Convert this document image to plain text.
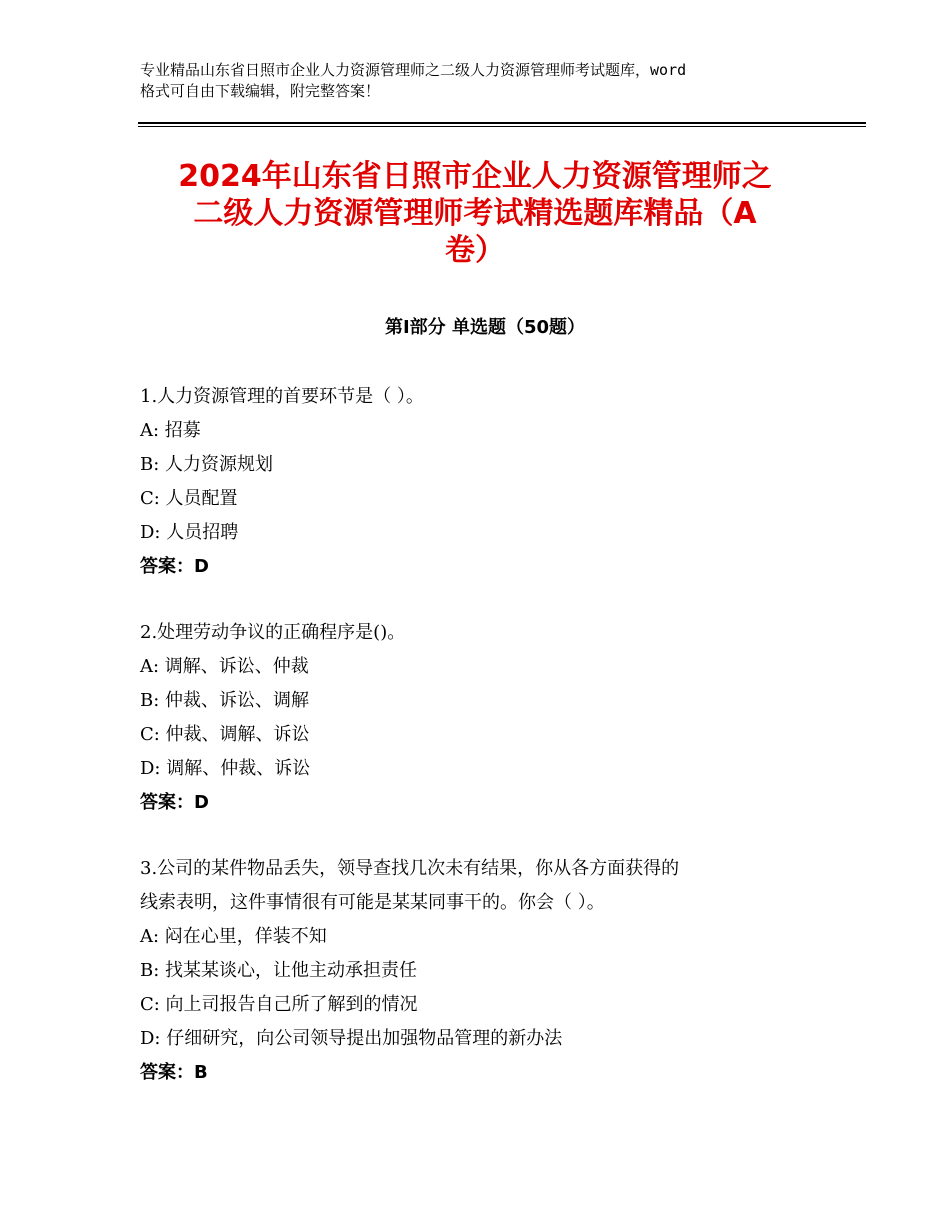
专业精品山东省日照市企业人力资源管理师之二级人力资源管理师考试题库，word
格式可自由下载编辑，附完整答案！
2024年山东省日照市企业人力资源管理师之
二级人力资源管理师考试精选题库精品（A
卷）
第Ⅰ部分 单选题（50题）
1.人力资源管理的首要环节是（ ）。
A: 招募
B: 人力资源规划
C: 人员配置
D: 人员招聘
答案：D
2.处理劳动争议的正确程序是()。
A: 调解、诉讼、仲裁
B: 仲裁、诉讼、调解
C: 仲裁、调解、诉讼
D: 调解、仲裁、诉讼
答案：D
3.公司的某件物品丢失，领导查找几次未有结果，你从各方面获得的
线索表明，这件事情很有可能是某某同事干的。你会（ ）。
A: 闷在心里，佯装不知
B: 找某某谈心，让他主动承担责任
C: 向上司报告自己所了解到的情况
D: 仔细研究，向公司领导提出加强物品管理的新办法
答案：B
